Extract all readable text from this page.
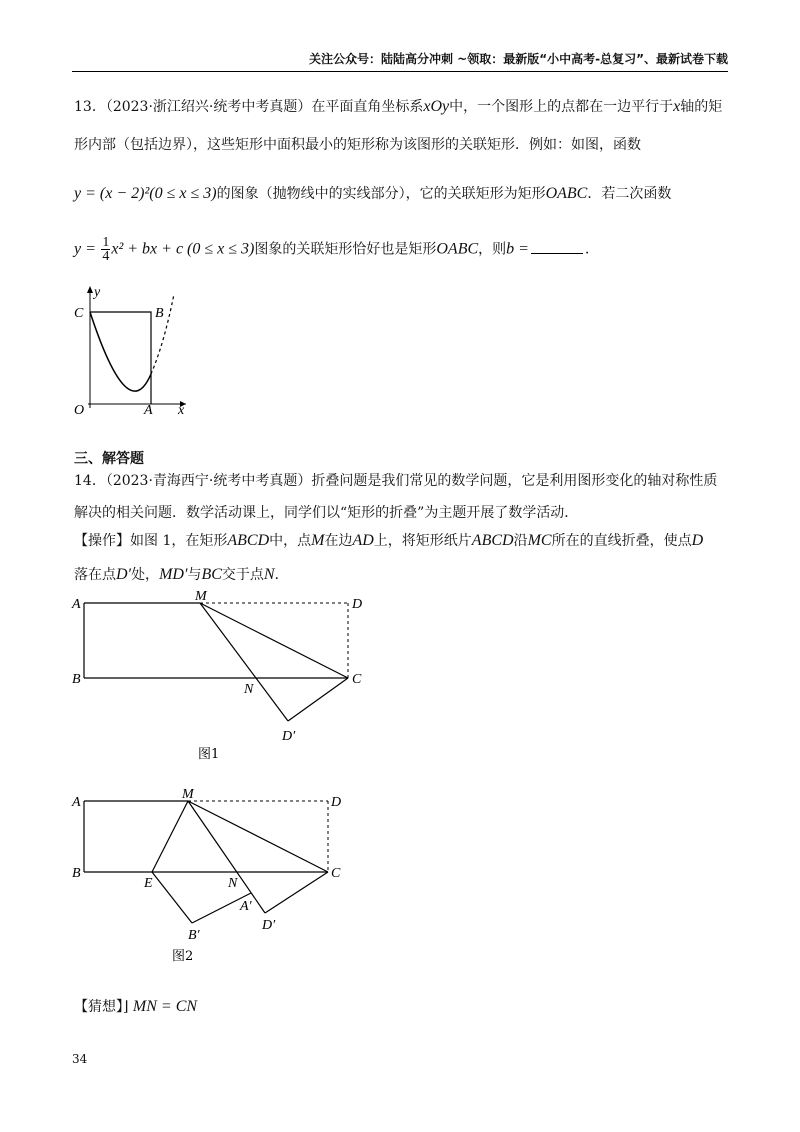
关注公众号：陆陆高分冲刺 ~领取：最新版“小中高考-总复习”、最新试卷下载
13．（2023·浙江绍兴·统考中考真题）在平面直角坐标系xOy中，一个图形上的点都在一边平行于x轴的矩
形内部（包括边界），这些矩形中面积最小的矩形称为该图形的关联矩形．例如：如图，函数
y = (x − 2)²(0 ≤ x ≤ 3)的图象（抛物线中的实线部分），它的关联矩形为矩形OABC．若二次函数
$y = \frac{1}{4} x^2$ + bx + c (0 ≤ x ≤ 3)图象的关联矩形恰好也是矩形OABC，则b =	．
y
C	B
O	A x
三、解答题
14．（2023·青海西宁·统考中考真题）折叠问题是我们常见的数学问题，它是利用图形变化的轴对称性质
解决的相关问题．数学活动课上，同学们以“矩形的折叠”为主题开展了数学活动．
【操作】如图 1，在矩形ABCD中，点M在边AD上，将矩形纸片ABCD沿MC所在的直线折叠，使点D
落在点D′处，MD′与BC交于点N．
A
M
D
B
N
C
D′
图1
A
M
D
B
E	N
C
A′
D′
B′
图2
【猜想】⌋ MN = CN
34
